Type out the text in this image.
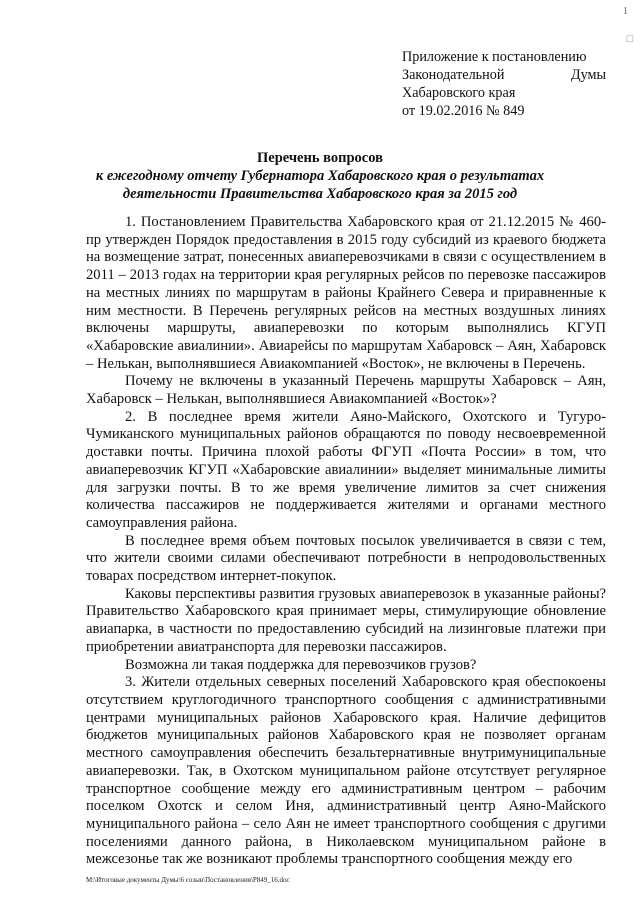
1
☐
Приложение к постановлению
Законодательной Думы
Хабаровского края
от 19.02.2016 № 849
Перечень вопросов
к ежегодному отчету Губернатора Хабаровского края о результатах
деятельности Правительства Хабаровского края за 2015 год

1. Постановлением Правительства Хабаровского края от 21.12.2015 № 460-пр утвержден Порядок предоставления в 2015 году субсидий из краевого бюджета на возмещение затрат, понесенных авиаперевозчиками в связи с осуществлением в 2011 – 2013 годах на территории края регулярных рейсов по перевозке пассажиров на местных линиях по маршрутам в районы Крайнего Севера и приравненные к ним местности. В Перечень регулярных рейсов на местных воздушных линиях включены маршруты, авиаперевозки по которым выполнялись КГУП «Хабаровские авиалинии». Авиарейсы по маршрутам Хабаровск – Аян, Хабаровск – Нелькан, выполнявшиеся Авиакомпанией «Восток», не включены в Перечень.

Почему не включены в указанный Перечень маршруты Хабаровск – Аян, Хабаровск – Нелькан, выполнявшиеся Авиакомпанией «Восток»?

2. В последнее время жители Аяно-Майского, Охотского и Тугуро-Чумиканского муниципальных районов обращаются по поводу несвоевременной доставки почты. Причина плохой работы ФГУП «Почта России» в том, что авиаперевозчик КГУП «Хабаровские авиалинии» выделяет минимальные лимиты для загрузки почты. В то же время увеличение лимитов за счет снижения количества пассажиров не поддерживается жителями и органами местного самоуправления района.

В последнее время объем почтовых посылок увеличивается в связи с тем, что жители своими силами обеспечивают потребности в непродовольственных товарах посредством интернет-покупок.

Каковы перспективы развития грузовых авиаперевозок в указанные районы? Правительство Хабаровского края принимает меры, стимулирующие обновление авиапарка, в частности по предоставлению субсидий на лизинговые платежи при приобретении авиатранспорта для перевозки пассажиров.

Возможна ли такая поддержка для перевозчиков грузов?

3. Жители отдельных северных поселений Хабаровского края обеспокоены отсутствием круглогодичного транспортного сообщения с административными центрами муниципальных районов Хабаровского края. Наличие дефицитов бюджетов муниципальных районов Хабаровского края не позволяет органам местного самоуправления обеспечить безальтернативные внутримуниципальные авиаперевозки. Так, в Охотском муниципальном районе отсутствует регулярное транспортное сообщение между его административным центром – рабочим поселком Охотск и селом Иня, административный центр Аяно-Майского муниципального района – село Аян не имеет транспортного сообщения с другими поселениями данного района, в Николаевском муниципальном районе в межсезонье так же возникают проблемы транспортного сообщения между его

M:\Итоговые документы Думы\6 созыв\Постановления\Р849_16.doc
